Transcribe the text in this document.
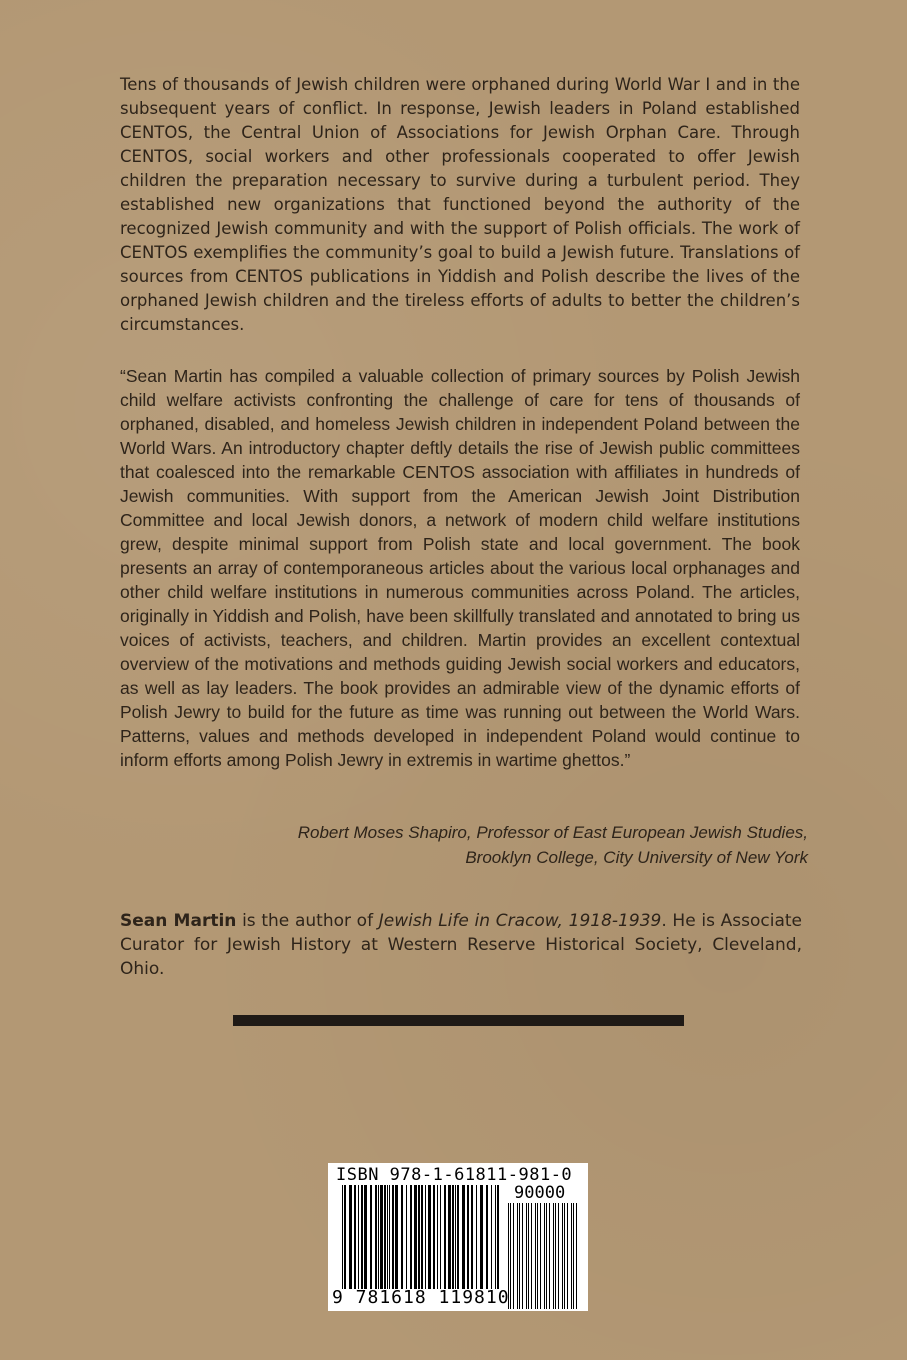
Tens of thousands of Jewish children were orphaned during World War I and in the subsequent years of conflict. In response, Jewish leaders in Poland established CENTOS, the Central Union of Associations for Jewish Orphan Care. Through CENTOS, social workers and other professionals cooperated to offer Jewish children the preparation necessary to survive during a turbulent period. They established new organizations that functioned beyond the authority of the recognized Jewish community and with the support of Polish officials. The work of CENTOS exemplifies the community’s goal to build a Jewish future. Translations of sources from CENTOS publications in Yiddish and Polish describe the lives of the orphaned Jewish children and the tireless efforts of adults to better the children’s circumstances.

“Sean Martin has compiled a valuable collection of primary sources by Polish Jewish child welfare activists confronting the challenge of care for tens of thousands of orphaned, disabled, and homeless Jewish children in independent Poland between the World Wars. An introductory chapter deftly details the rise of Jewish public committees that coalesced into the remarkable CENTOS association with affiliates in hundreds of Jewish communities. With support from the American Jewish Joint Distribution Committee and local Jewish donors, a network of modern child welfare institutions grew, despite minimal support from Polish state and local government. The book presents an array of contemporaneous articles about the various local orphanages and other child welfare institutions in numerous communities across Poland. The articles, originally in Yiddish and Polish, have been skillfully translated and annotated to bring us voices of activists, teachers, and children. Martin provides an excellent contextual overview of the motivations and methods guiding Jewish social workers and educators, as well as lay leaders. The book provides an admirable view of the dynamic efforts of Polish Jewry to build for the future as time was running out between the World Wars. Patterns, values and methods developed in independent Poland would continue to inform efforts among Polish Jewry in extremis in wartime ghettos.”

Robert Moses Shapiro, Professor of East European Jewish Studies,
Brooklyn College, City University of New York

Sean Martin is the author of Jewish Life in Cracow, 1918-1939. He is Associate Curator for Jewish History at Western Reserve Historical Society, Cleveland, Ohio.

ISBN 978-1-61811-981-0
90000
9 781618 119810
